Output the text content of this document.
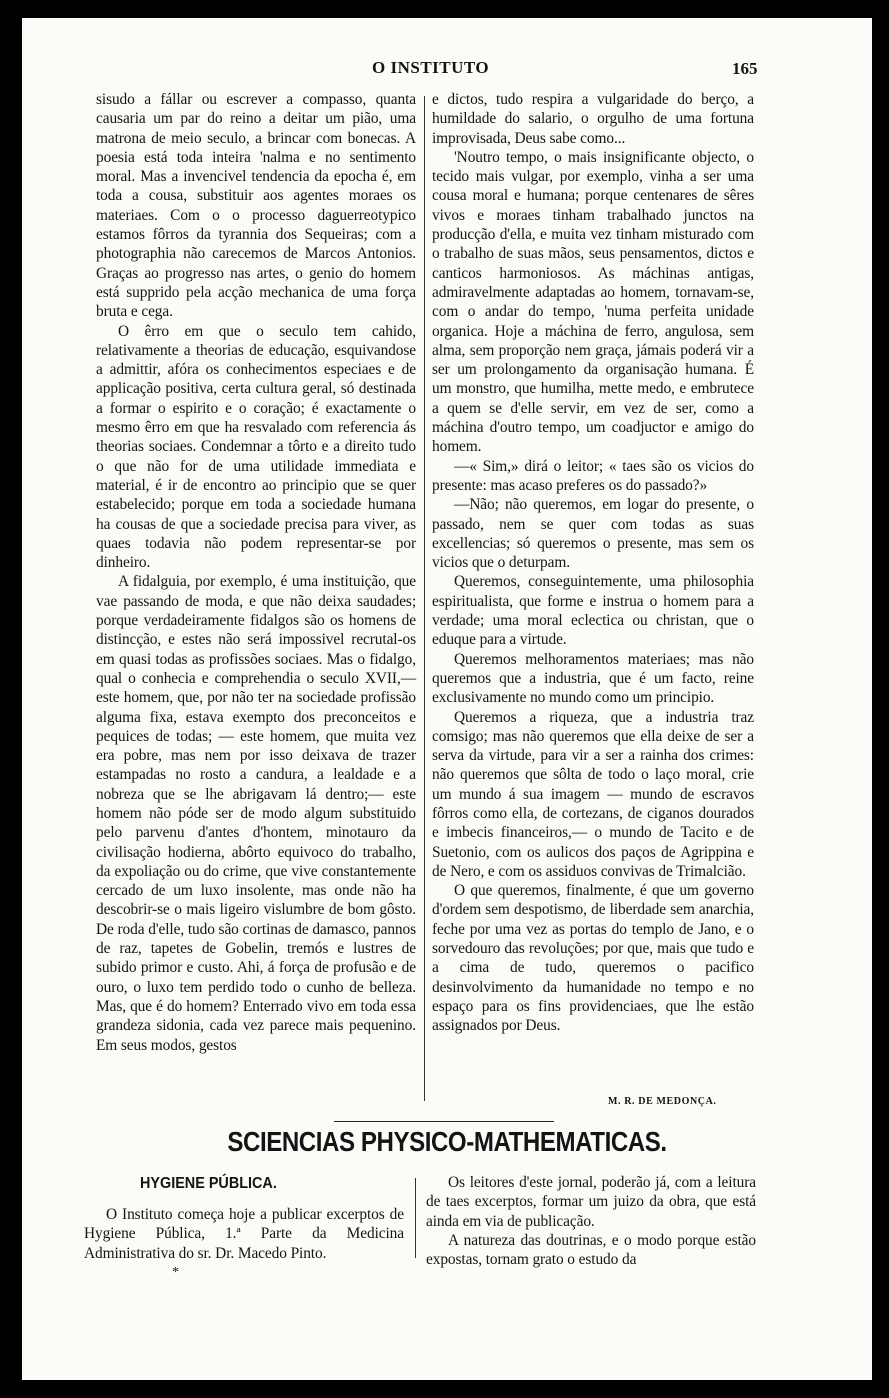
O INSTITUTO	165

sisudo a fállar ou escrever a compasso, quanta causaria um par do reino a deitar um pião, uma matrona de meio seculo, a brincar com bonecas. A poesia está toda inteira 'nalma e no sentimento moral. Mas a invencivel tendencia da epocha é, em toda a cousa, substituir aos agentes moraes os materiaes. Com o o processo daguerreotypico estamos fôrros da tyrannia dos Sequeiras; com a photographia não carecemos de Marcos Antonios. Graças ao progresso nas artes, o genio do homem está supprido pela acção mechanica de uma força bruta e cega.

O êrro em que o seculo tem cahido, relativamente a theorias de educação, esquivandose a admittir, afóra os conhecimentos especiaes e de applicação positiva, certa cultura geral, só destinada a formar o espirito e o coração; é exactamente o mesmo êrro em que ha resvalado com referencia ás theorias sociaes. Condemnar a tôrto e a direito tudo o que não for de uma utilidade immediata e material, é ir de encontro ao principio que se quer estabelecido; porque em toda a sociedade humana ha cousas de que a sociedade precisa para viver, as quaes todavia não podem representar-se por dinheiro.

A fidalguia, por exemplo, é uma instituição, que vae passando de moda, e que não deixa saudades; porque verdadeiramente fidalgos são os homens de distincção, e estes não será impossivel recrutal-os em quasi todas as profissões sociaes. Mas o fidalgo, qual o conhecia e comprehendia o seculo XVII,—este homem, que, por não ter na sociedade profissão alguma fixa, estava exempto dos preconceitos e pequices de todas; — este homem, que muita vez era pobre, mas nem por isso deixava de trazer estampadas no rosto a candura, a lealdade e a nobreza que se lhe abrigavam lá dentro;— este homem não póde ser de modo algum substituido pelo parvenu d'antes d'hontem, minotauro da civilisação hodierna, abôrto equivoco do trabalho, da expoliação ou do crime, que vive constantemente cercado de um luxo insolente, mas onde não ha descobrir-se o mais ligeiro vislumbre de bom gôsto. De roda d'elle, tudo são cortinas de damasco, pannos de raz, tapetes de Gobelin, tremós e lustres de subido primor e custo. Ahi, á força de profusão e de ouro, o luxo tem perdido todo o cunho de belleza. Mas, que é do homem? Enterrado vivo em toda essa grandeza sidonia, cada vez parece mais pequenino. Em seus modos, gestos

e dictos, tudo respira a vulgaridade do berço, a humildade do salario, o orgulho de uma fortuna improvisada, Deus sabe como...

'Noutro tempo, o mais insignificante objecto, o tecido mais vulgar, por exemplo, vinha a ser uma cousa moral e humana; porque centenares de sêres vivos e moraes tinham trabalhado junctos na producção d'ella, e muita vez tinham misturado com o trabalho de suas mãos, seus pensamentos, dictos e canticos harmoniosos. As máchinas antigas, admiravelmente adaptadas ao homem, tornavam-se, com o andar do tempo, 'numa perfeita unidade organica. Hoje a máchina de ferro, angulosa, sem alma, sem proporção nem graça, jámais poderá vir a ser um prolongamento da organisação humana. É um monstro, que humilha, mette medo, e embrutece a quem se d'elle servir, em vez de ser, como a máchina d'outro tempo, um coadjuctor e amigo do homem.

—« Sim,» dirá o leitor; « taes são os vicios do presente: mas acaso preferes os do passado?»

—Não; não queremos, em logar do presente, o passado, nem se quer com todas as suas excellencias; só queremos o presente, mas sem os vicios que o deturpam.

Queremos, conseguintemente, uma philosophia espiritualista, que forme e instrua o homem para a verdade; uma moral eclectica ou christan, que o eduque para a virtude.

Queremos melhoramentos materiaes; mas não queremos que a industria, que é um facto, reine exclusivamente no mundo como um principio.

Queremos a riqueza, que a industria traz comsigo; mas não queremos que ella deixe de ser a serva da virtude, para vir a ser a rainha dos crimes: não queremos que sôlta de todo o laço moral, crie um mundo á sua imagem — mundo de escravos fôrros como ella, de cortezans, de ciganos dourados e imbecis financeiros,— o mundo de Tacito e de Suetonio, com os aulicos dos paços de Agrippina e de Nero, e com os assiduos convivas de Trimalcião.

O que queremos, finalmente, é que um governo d'ordem sem despotismo, de liberdade sem anarchia, feche por uma vez as portas do templo de Jano, e o sorvedouro das revoluções; por que, mais que tudo e a cima de tudo, queremos o pacifico desinvolvimento da humanidade no tempo e no espaço para os fins providenciaes, que lhe estão assignados por Deus.

M. R. DE MEDONÇA.
SCIENCIAS PHYSICO-MATHEMATICAS.
HYGIENE PÚBLICA.

O Instituto começa hoje a publicar excerptos de Hygiene Pública, 1.ª Parte da Medicina Administrativa do sr. Dr. Macedo Pinto.

*

Os leitores d'este jornal, poderão já, com a leitura de taes excerptos, formar um juizo da obra, que está ainda em via de publicação.

A natureza das doutrinas, e o modo porque estão expostas, tornam grato o estudo da
